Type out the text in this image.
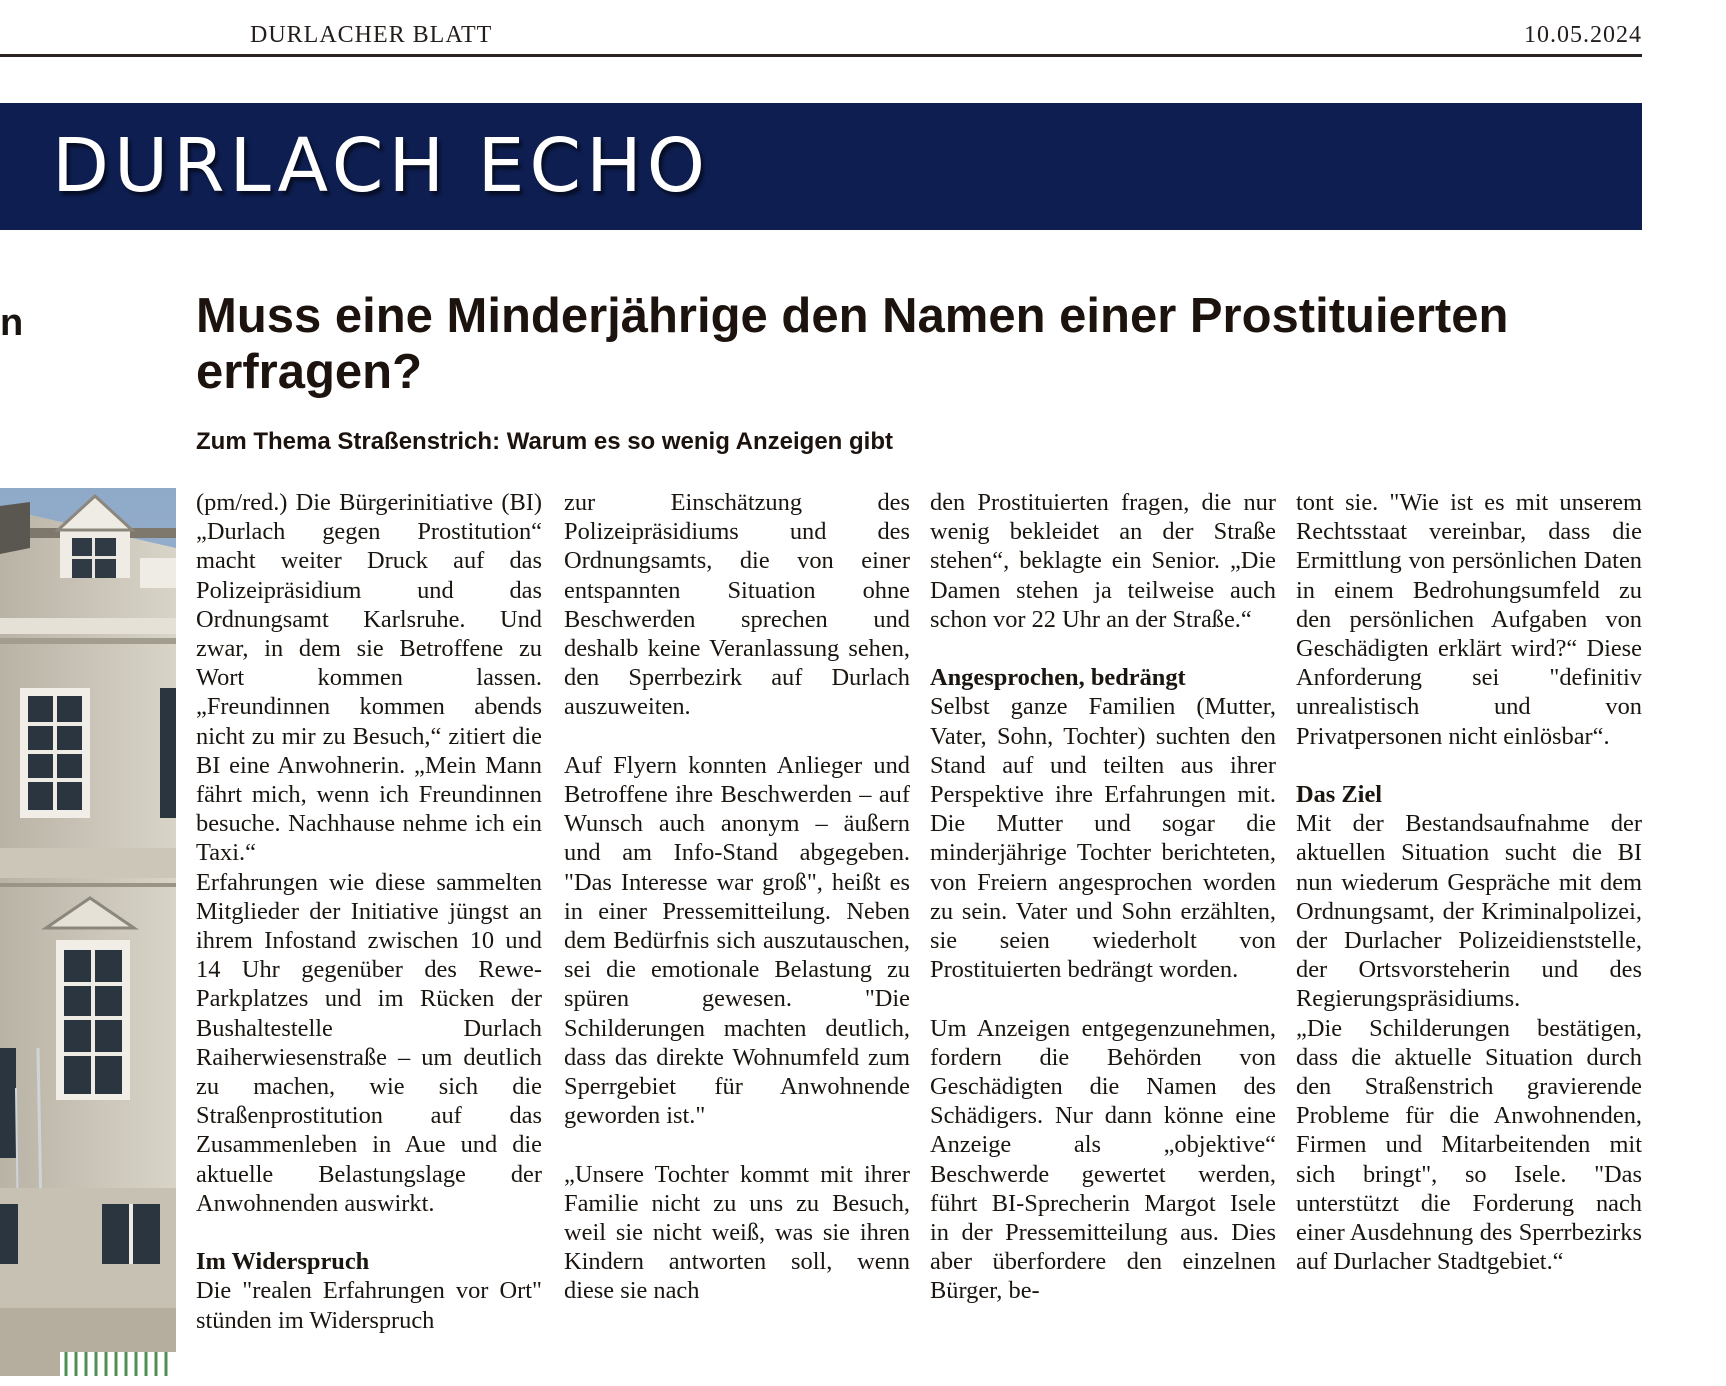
DURLACHER BLATT	10.05.2024
DURLACH ECHO
n	Muss eine Minderjährige den Namen einer Prostituierten erfragen?
Zum Thema Straßenstrich: Warum es so wenig Anzeigen gibt

(pm/red.) Die Bürgerinitiative (BI) „Durlach gegen Prostitution“ macht weiter Druck auf das Polizeipräsidium und das Ordnungsamt Karlsruhe. Und zwar, in dem sie Betroffene zu Wort kommen lassen. „Freundinnen kommen abends nicht zu mir zu Besuch,“ zitiert die BI eine Anwohnerin. „Mein Mann fährt mich, wenn ich Freundinnen besuche. Nachhause nehme ich ein Taxi.“

Erfahrungen wie diese sammelten Mitglieder der Initiative jüngst an ihrem Infostand zwischen 10 und 14 Uhr gegenüber des Rewe-Parkplatzes und im Rücken der Bushaltestelle Durlach Raiherwiesenstraße – um deutlich zu machen, wie sich die Straßenprostitution auf das Zusammenleben in Aue und die aktuelle Belastungslage der Anwohnenden auswirkt.

Im Widerspruch

Die "realen Erfahrungen vor Ort" stünden im Widerspruch

zur Einschätzung des Polizeipräsidiums und des Ordnungsamts, die von einer entspannten Situation ohne Beschwerden sprechen und deshalb keine Veranlassung sehen, den Sperrbezirk auf Durlach auszuweiten.

Auf Flyern konnten Anlieger und Betroffene ihre Beschwerden – auf Wunsch auch anonym – äußern und am Info-Stand abgegeben. "Das Interesse war groß", heißt es in einer Pressemitteilung. Neben dem Bedürfnis sich auszutauschen, sei die emotionale Belastung zu spüren gewesen. "Die Schilderungen machten deutlich, dass das direkte Wohnumfeld zum Sperrgebiet für Anwohnende geworden ist."

„Unsere Tochter kommt mit ihrer Familie nicht zu uns zu Besuch, weil sie nicht weiß, was sie ihren Kindern antworten soll, wenn diese sie nach

den Prostituierten fragen, die nur wenig bekleidet an der Straße stehen“, beklagte ein Senior. „Die Damen stehen ja teilweise auch schon vor 22 Uhr an der Straße.“

Angesprochen, bedrängt

Selbst ganze Familien (Mutter, Vater, Sohn, Tochter) suchten den Stand auf und teilten aus ihrer Perspektive ihre Erfahrungen mit. Die Mutter und sogar die minderjährige Tochter berichteten, von Freiern angesprochen worden zu sein. Vater und Sohn erzählten, sie seien wiederholt von Prostituierten bedrängt worden.

Um Anzeigen entgegenzunehmen, fordern die Behörden von Geschädigten die Namen des Schädigers. Nur dann könne eine Anzeige als „objektive“ Beschwerde gewertet werden, führt BI-Sprecherin Margot Isele in der Pressemitteilung aus. Dies aber überfordere den einzelnen Bürger, be-

tont sie. "Wie ist es mit unserem Rechtsstaat vereinbar, dass die Ermittlung von persönlichen Daten in einem Bedrohungsumfeld zu den persönlichen Aufgaben von Geschädigten erklärt wird?“ Diese Anforderung sei "definitiv unrealistisch und von Privatpersonen nicht einlösbar“.

Das Ziel

Mit der Bestandsaufnahme der aktuellen Situation sucht die BI nun wiederum Gespräche mit dem Ordnungsamt, der Kriminalpolizei, der Durlacher Polizeidienststelle, der Ortsvorsteherin und des Regierungspräsidiums.

„Die Schilderungen bestätigen, dass die aktuelle Situation durch den Straßenstrich gravierende Probleme für die Anwohnenden, Firmen und Mitarbeitenden mit sich bringt", so Isele. "Das unterstützt die Forderung nach einer Ausdehnung des Sperrbezirks auf Durlacher Stadtgebiet.“
